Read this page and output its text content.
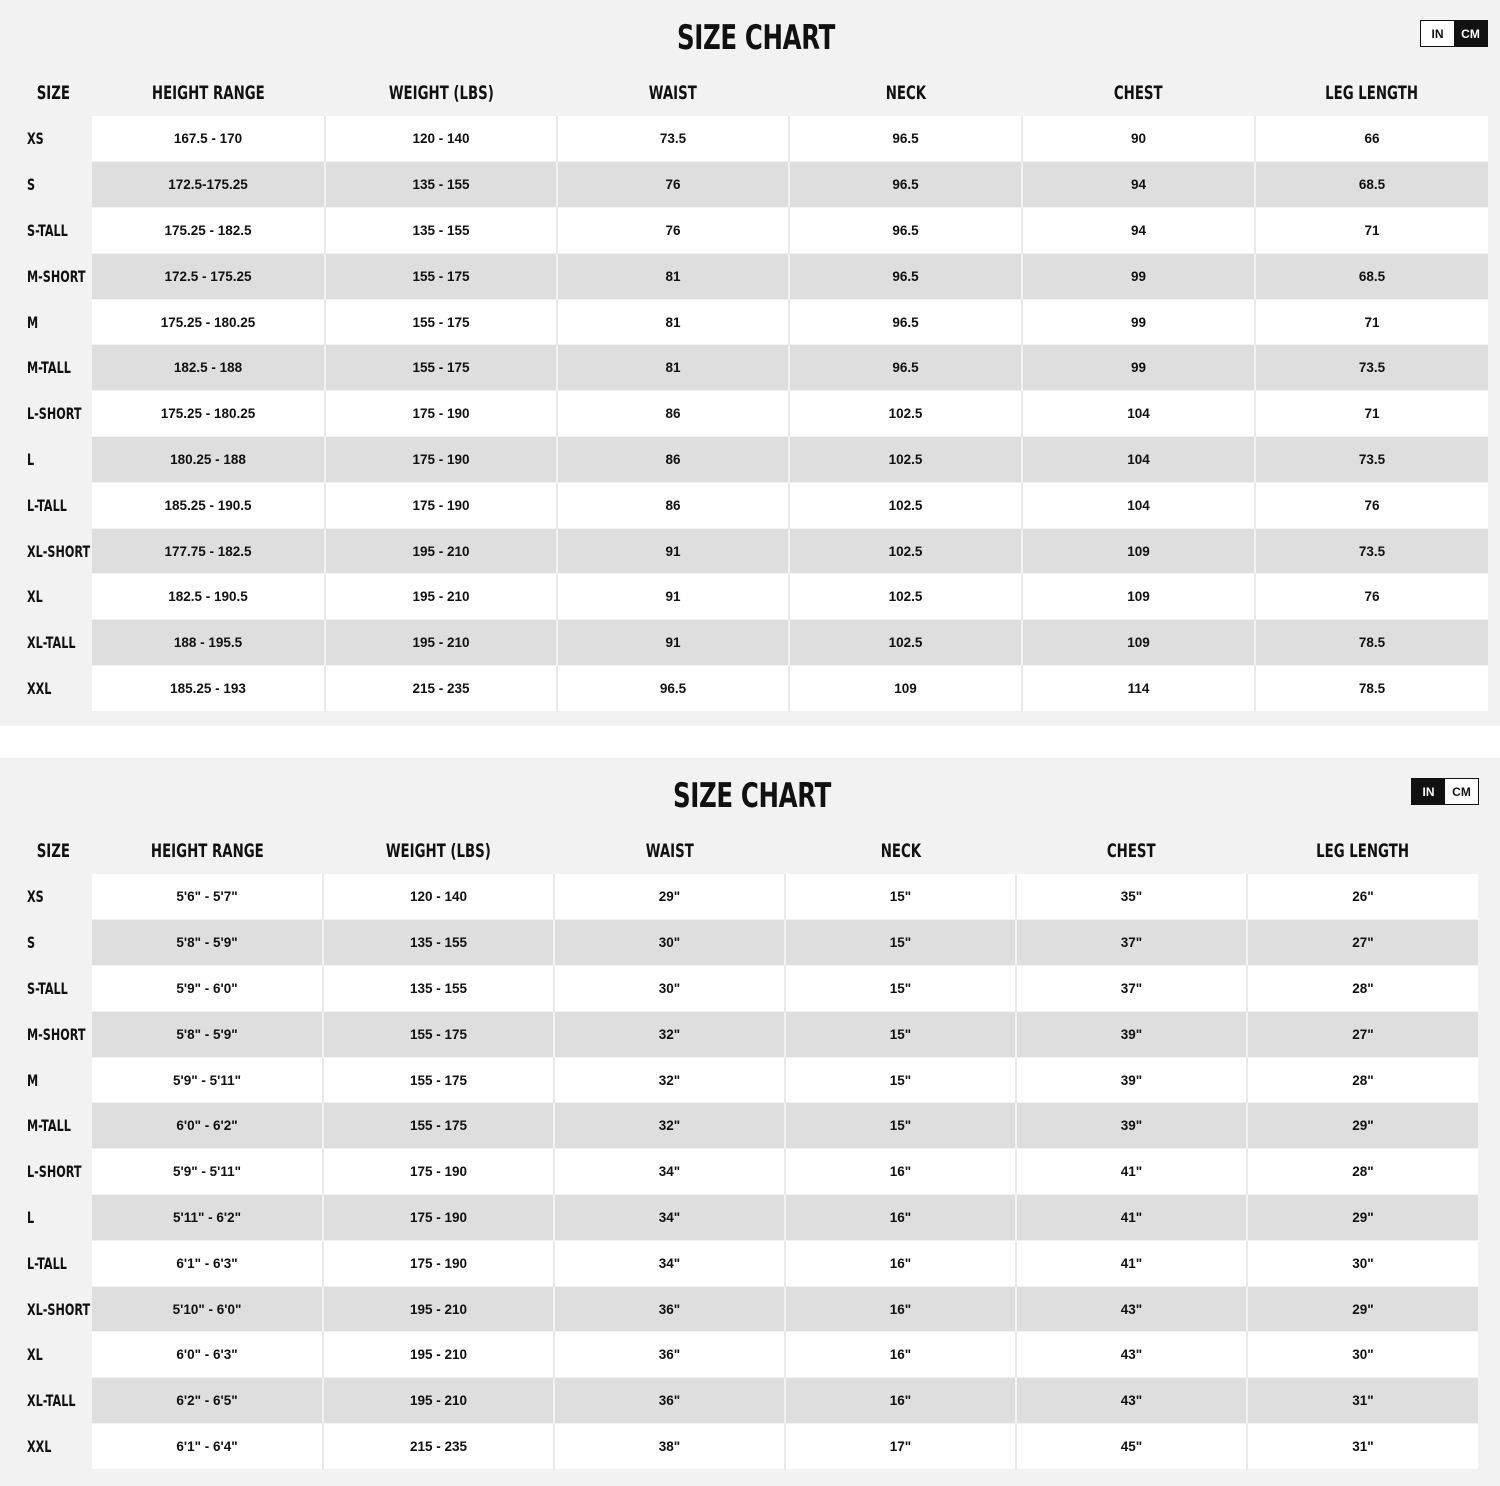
SIZE CHART	IN	CM
SIZE	HEIGHT RANGE	WEIGHT (LBS)	WAIST	NECK	CHEST	LEG LENGTH
XS	167.5 - 170	120 - 140	73.5	96.5	90	66
S	172.5-175.25	135 - 155	76	96.5	94	68.5
S-TALL	175.25 - 182.5	135 - 155	76	96.5	94	71
M-SHORT	172.5 - 175.25	155 - 175	81	96.5	99	68.5
M	175.25 - 180.25	155 - 175	81	96.5	99	71
M-TALL	182.5 - 188	155 - 175	81	96.5	99	73.5
L-SHORT	175.25 - 180.25	175 - 190	86	102.5	104	71
L	180.25 - 188	175 - 190	86	102.5	104	73.5
L-TALL	185.25 - 190.5	175 - 190	86	102.5	104	76
XL-SHORT	177.75 - 182.5	195 - 210	91	102.5	109	73.5
XL	182.5 - 190.5	195 - 210	91	102.5	109	76
XL-TALL	188 - 195.5	195 - 210	91	102.5	109	78.5
XXL	185.25 - 193	215 - 235	96.5	109	114	78.5
SIZE CHART	IN	CM
SIZE	HEIGHT RANGE	WEIGHT (LBS)	WAIST	NECK	CHEST	LEG LENGTH
XS	5'6" - 5'7"	120 - 140	29"	15"	35"	26"
S	5'8" - 5'9"	135 - 155	30"	15"	37"	27"
S-TALL	5'9" - 6'0"	135 - 155	30"	15"	37"	28"
M-SHORT	5'8" - 5'9"	155 - 175	32"	15"	39"	27"
M	5'9" - 5'11"	155 - 175	32"	15"	39"	28"
M-TALL	6'0" - 6'2"	155 - 175	32"	15"	39"	29"
L-SHORT	5'9" - 5'11"	175 - 190	34"	16"	41"	28"
L	5'11" - 6'2"	175 - 190	34"	16"	41"	29"
L-TALL	6'1" - 6'3"	175 - 190	34"	16"	41"	30"
XL-SHORT	5'10" - 6'0"	195 - 210	36"	16"	43"	29"
XL	6'0" - 6'3"	195 - 210	36"	16"	43"	30"
XL-TALL	6'2" - 6'5"	195 - 210	36"	16"	43"	31"
XXL	6'1" - 6'4"	215 - 235	38"	17"	45"	31"
